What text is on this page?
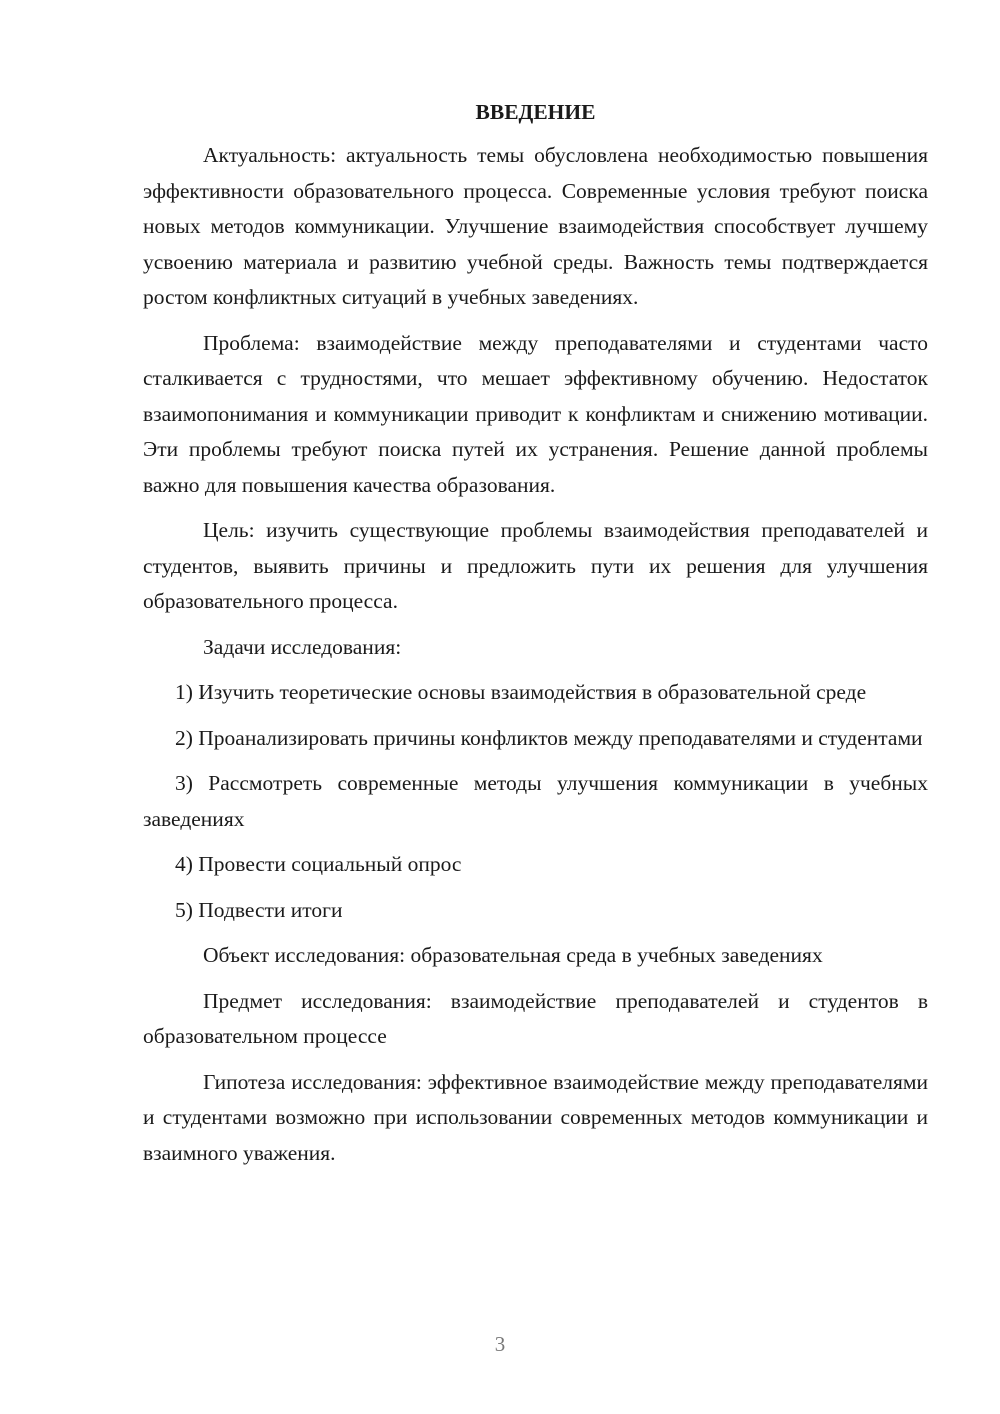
ВВЕДЕНИЕ

Актуальность: актуальность темы обусловлена необходимостью повышения эффективности образовательного процесса. Современные условия требуют поиска новых методов коммуникации. Улучшение взаимодействия способствует лучшему усвоению материала и развитию учебной среды. Важность темы подтверждается ростом конфликтных ситуаций в учебных заведениях.

Проблема: взаимодействие между преподавателями и студентами часто сталкивается с трудностями, что мешает эффективному обучению. Недостаток взаимопонимания и коммуникации приводит к конфликтам и снижению мотивации. Эти проблемы требуют поиска путей их устранения. Решение данной проблемы важно для повышения качества образования.

Цель: изучить существующие проблемы взаимодействия преподавателей и студентов, выявить причины и предложить пути их решения для улучшения образовательного процесса.

Задачи исследования:

1) Изучить теоретические основы взаимодействия в образовательной среде

2) Проанализировать причины конфликтов между преподавателями и студентами

3) Рассмотреть современные методы улучшения коммуникации в учебных заведениях

4) Провести социальный опрос

5) Подвести итоги

Объект исследования: образовательная среда в учебных заведениях

Предмет исследования: взаимодействие преподавателей и студентов в образовательном процессе

Гипотеза исследования: эффективное взаимодействие между преподавателями и студентами возможно при использовании современных методов коммуникации и взаимного уважения.

3
